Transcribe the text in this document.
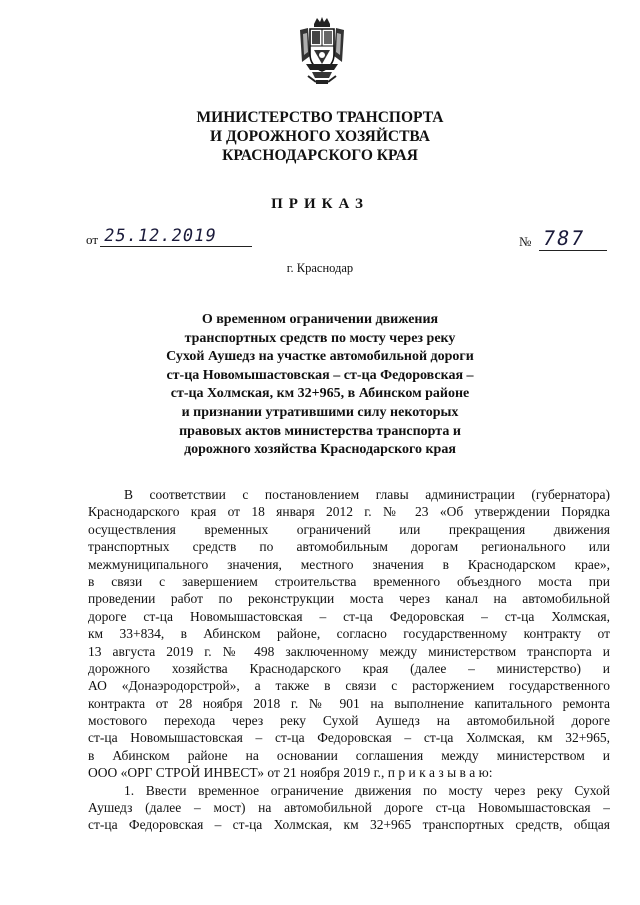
МИНИСТЕРСТВО ТРАНСПОРТА
И ДОРОЖНОГО ХОЗЯЙСТВА
КРАСНОДАРСКОГО КРАЯ
ПРИКАЗ
от 25.12.2019	№ 787
г. Краснодар
О временном ограничении движения
транспортных средств по мосту через реку
Сухой Аушедз на участке автомобильной дороги
ст-ца Новомышастовская – ст-ца Федоровская –
ст-ца Холмская, км 32+965, в Абинском районе
и признании утратившими силу некоторых
правовых актов министерства транспорта и
дорожного хозяйства Краснодарского края
В соответствии с постановлением главы администрации (губернатора)
Краснодарского края от 18 января 2012 г. № 23 «Об утверждении Порядка
осуществления временных ограничений или прекращения движения
транспортных средств по автомобильным дорогам регионального или
межмуниципального значения, местного значения в Краснодарском крае»,
в связи с завершением строительства временного объездного моста при
проведении работ по реконструкции моста через канал на автомобильной
дороге ст-ца Новомышастовская – ст-ца Федоровская – ст-ца Холмская,
км 33+834, в Абинском районе, согласно государственному контракту от
13 августа 2019 г. № 498 заключенному между министерством транспорта и
дорожного хозяйства Краснодарского края (далее – министерство) и
АО «Донаэродорстрой», а также в связи с расторжением государственного
контракта от 28 ноября 2018 г. № 901 на выполнение капитального ремонта
мостового перехода через реку Сухой Аушедз на автомобильной дороге
ст-ца Новомышастовская – ст-ца Федоровская – ст-ца Холмская, км 32+965,
в Абинском районе на основании соглашения между министерством и
ООО «ОРГ СТРОЙ ИНВЕСТ» от 21 ноября 2019 г., п р и к а з ы в а ю:
1. Ввести временное ограничение движения по мосту через реку Сухой
Аушедз (далее – мост) на автомобильной дороге ст-ца Новомышастовская –
ст-ца Федоровская – ст-ца Холмская, км 32+965 транспортных средств, общая
